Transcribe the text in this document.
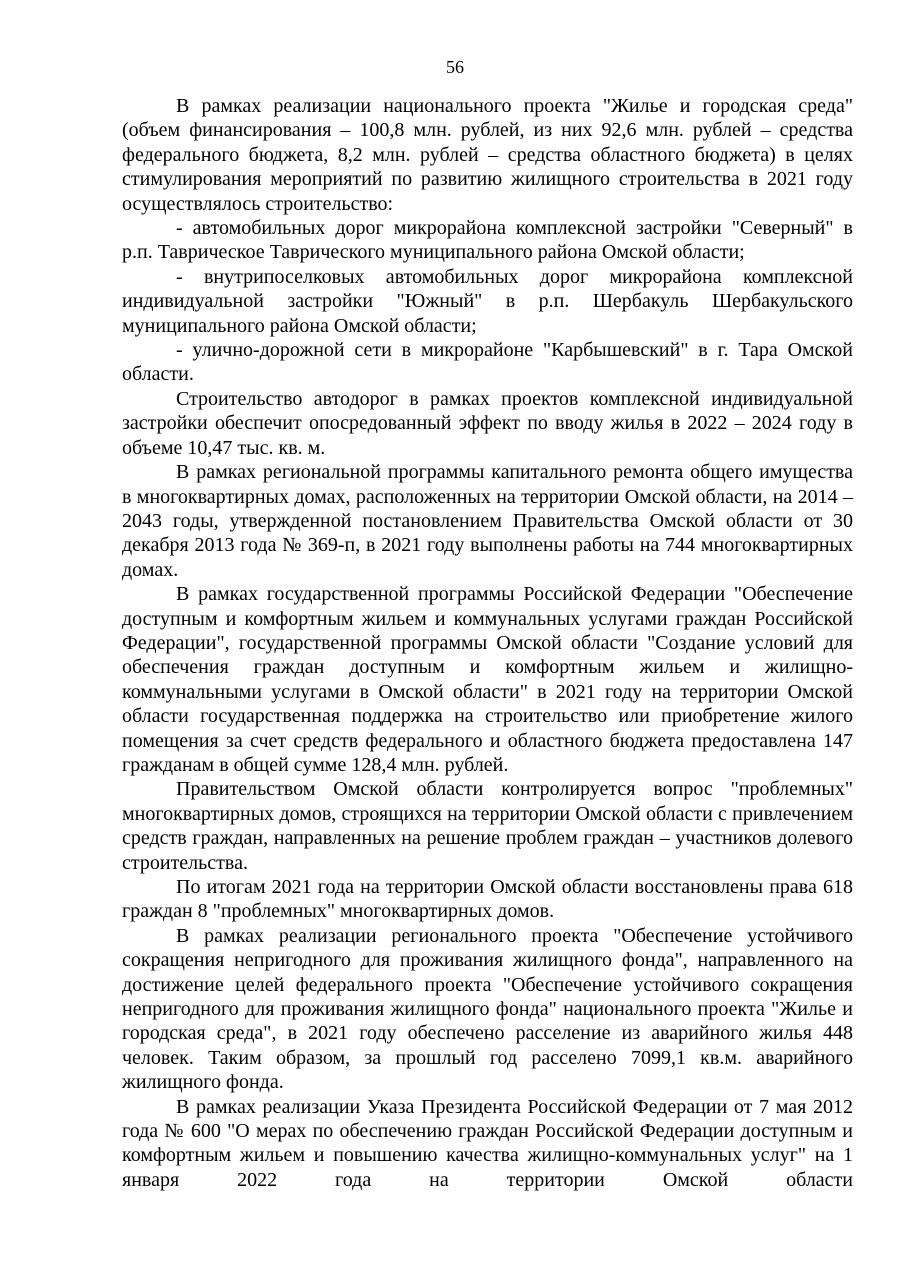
56

В рамках реализации национального проекта "Жилье и городская среда" (объем финансирования – 100,8 млн. рублей, из них 92,6 млн. рублей – средства федерального бюджета, 8,2 млн. рублей – средства областного бюджета) в целях стимулирования мероприятий по развитию жилищного строительства в 2021 году осуществлялось строительство:

- автомобильных дорог микрорайона комплексной застройки "Северный" в р.п. Таврическое Таврического муниципального района Омской области;

- внутрипоселковых автомобильных дорог микрорайона комплексной индивидуальной застройки "Южный" в р.п. Шербакуль Шербакульского муниципального района Омской области;

- улично-дорожной сети в микрорайоне "Карбышевский" в г. Тара Омской области.

Строительство автодорог в рамках проектов комплексной индивидуальной застройки обеспечит опосредованный эффект по вводу жилья в 2022 – 2024 году в объеме 10,47 тыс. кв. м.

В рамках региональной программы капитального ремонта общего имущества в многоквартирных домах, расположенных на территории Омской области, на 2014 – 2043 годы, утвержденной постановлением Правительства Омской области от 30 декабря 2013 года № 369-п, в 2021 году выполнены работы на 744 многоквартирных домах.

В рамках государственной программы Российской Федерации "Обеспечение доступным и комфортным жильем и коммунальных услугами граждан Российской Федерации", государственной программы Омской области "Создание условий для обеспечения граждан доступным и комфортным жильем и жилищно-коммунальными услугами в Омской области" в 2021 году на территории Омской области государственная поддержка на строительство или приобретение жилого помещения за счет средств федерального и областного бюджета предоставлена 147 гражданам в общей сумме 128,4 млн. рублей.

Правительством Омской области контролируется вопрос "проблемных" многоквартирных домов, строящихся на территории Омской области с привлечением средств граждан, направленных на решение проблем граждан – участников долевого строительства.

По итогам 2021 года на территории Омской области восстановлены права 618 граждан 8 "проблемных" многоквартирных домов.

В рамках реализации регионального проекта "Обеспечение устойчивого сокращения непригодного для проживания жилищного фонда", направленного на достижение целей федерального проекта "Обеспечение устойчивого сокращения непригодного для проживания жилищного фонда" национального проекта "Жилье и городская среда", в 2021 году обеспечено расселение из аварийного жилья 448 человек. Таким образом, за прошлый год расселено 7099,1 кв.м. аварийного жилищного фонда.

В рамках реализации Указа Президента Российской Федерации от 7 мая 2012 года № 600 "О мерах по обеспечению граждан Российской Федерации доступным и комфортным жильем и повышению качества жилищно-коммунальных услуг" на 1 января 2022 года на территории Омской области
